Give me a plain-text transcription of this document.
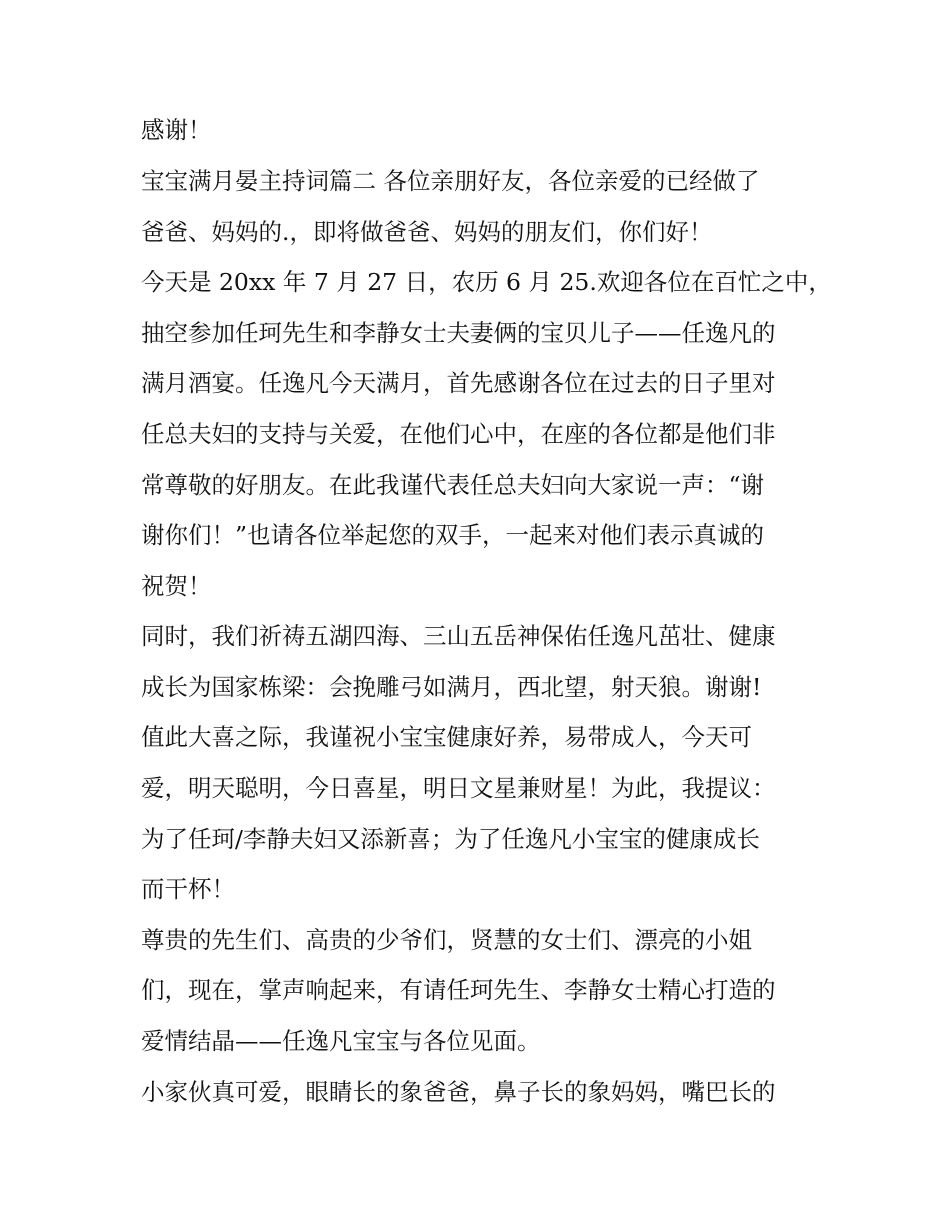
感谢！
宝宝满月晏主持词篇二 各位亲朋好友，各位亲爱的已经做了
爸爸、妈妈的.，即将做爸爸、妈妈的朋友们，你们好！
今天是 20xx 年 7 月 27 日，农历 6 月 25.欢迎各位在百忙之中，
抽空参加任珂先生和李静女士夫妻俩的宝贝儿子——任逸凡的
满月酒宴。任逸凡今天满月，首先感谢各位在过去的日子里对
任总夫妇的支持与关爱，在他们心中，在座的各位都是他们非
常尊敬的好朋友。在此我谨代表任总夫妇向大家说一声：“谢
谢你们！”也请各位举起您的双手，一起来对他们表示真诚的
祝贺！
同时，我们祈祷五湖四海、三山五岳神保佑任逸凡茁壮、健康
成长为国家栋梁：会挽雕弓如满月，西北望，射天狼。谢谢!
值此大喜之际，我谨祝小宝宝健康好养，易带成人，今天可
爱，明天聪明，今日喜星，明日文星兼财星！为此，我提议：
为了任珂/李静夫妇又添新喜；为了任逸凡小宝宝的健康成长
而干杯！
尊贵的先生们、高贵的少爷们，贤慧的女士们、漂亮的小姐
们，现在，掌声响起来，有请任珂先生、李静女士精心打造的
爱情结晶——任逸凡宝宝与各位见面。
小家伙真可爱，眼睛长的象爸爸，鼻子长的象妈妈，嘴巴长的
